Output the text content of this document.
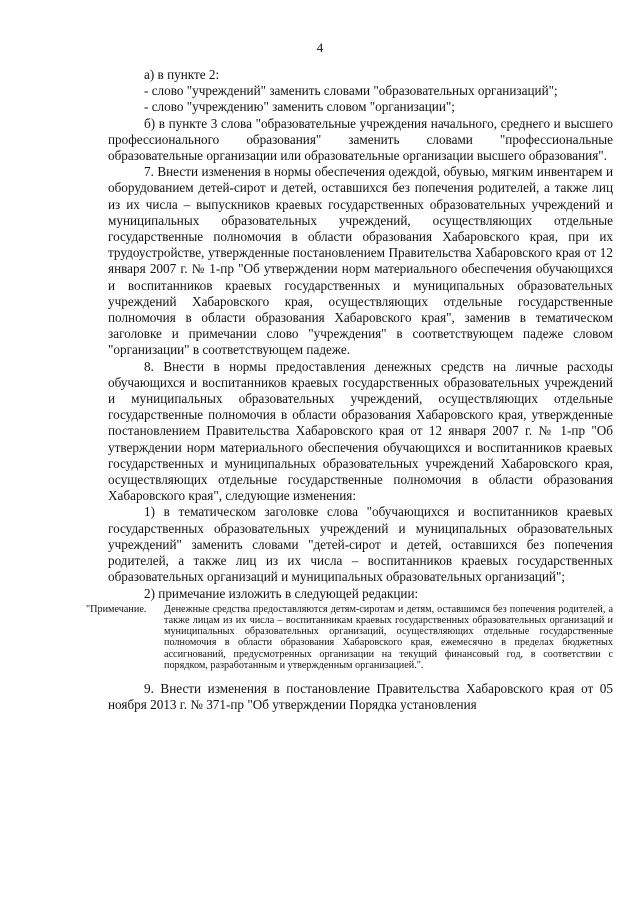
4

а) в пункте 2:

- слово "учреждений" заменить словами "образовательных организаций";

- слово "учреждению" заменить словом "организации";

б) в пункте 3 слова "образовательные учреждения начального, среднего и высшего профессионального образования" заменить словами "профессиональные образовательные организации или образовательные организации высшего образования".

7. Внести изменения в нормы обеспечения одеждой, обувью, мягким инвентарем и оборудованием детей-сирот и детей, оставшихся без попечения родителей, а также лиц из их числа – выпускников краевых государственных образовательных учреждений и муниципальных образовательных учреждений, осуществляющих отдельные государственные полномочия в области образования Хабаровского края, при их трудоустройстве, утвержденные постановлением Правительства Хабаровского края от 12 января 2007 г. № 1-пр "Об утверждении норм материального обеспечения обучающихся и воспитанников краевых государственных и муниципальных образовательных учреждений Хабаровского края, осуществляющих отдельные государственные полномочия в области образования Хабаровского края", заменив в тематическом заголовке и примечании слово "учреждения" в соответствующем падеже словом "организации" в соответствующем падеже.

8. Внести в нормы предоставления денежных средств на личные расходы обучающихся и воспитанников краевых государственных образовательных учреждений и муниципальных образовательных учреждений, осуществляющих отдельные государственные полномочия в области образования Хабаровского края, утвержденные постановлением Правительства Хабаровского края от 12 января 2007 г. № 1-пр "Об утверждении норм материального обеспечения обучающихся и воспитанников краевых государственных и муниципальных образовательных учреждений Хабаровского края, осуществляющих отдельные государственные полномочия в области образования Хабаровского края", следующие изменения:

1) в тематическом заголовке слова "обучающихся и воспитанников краевых государственных образовательных учреждений и муниципальных образовательных учреждений" заменить словами "детей-сирот и детей, оставшихся без попечения родителей, а также лиц из их числа – воспитанников краевых государственных образовательных организаций и муниципальных образовательных организаций";

2) примечание изложить в следующей редакции:

"Примечание.	Денежные средства предоставляются детям-сиротам и детям, оставшимся без попечения родителей, а также лицам из их числа – воспитанникам краевых государственных образовательных организаций и муниципальных образовательных организаций, осуществляющих отдельные государственные полномочия в области образования Хабаровского края, ежемесячно в пределах бюджетных ассигнований, предусмотренных организации на текущий финансовый год, в соответствии с порядком, разработанным и утвержденным организацией.".

9. Внести изменения в постановление Правительства Хабаровского края от 05 ноября 2013 г. № 371-пр "Об утверждении Порядка установления
